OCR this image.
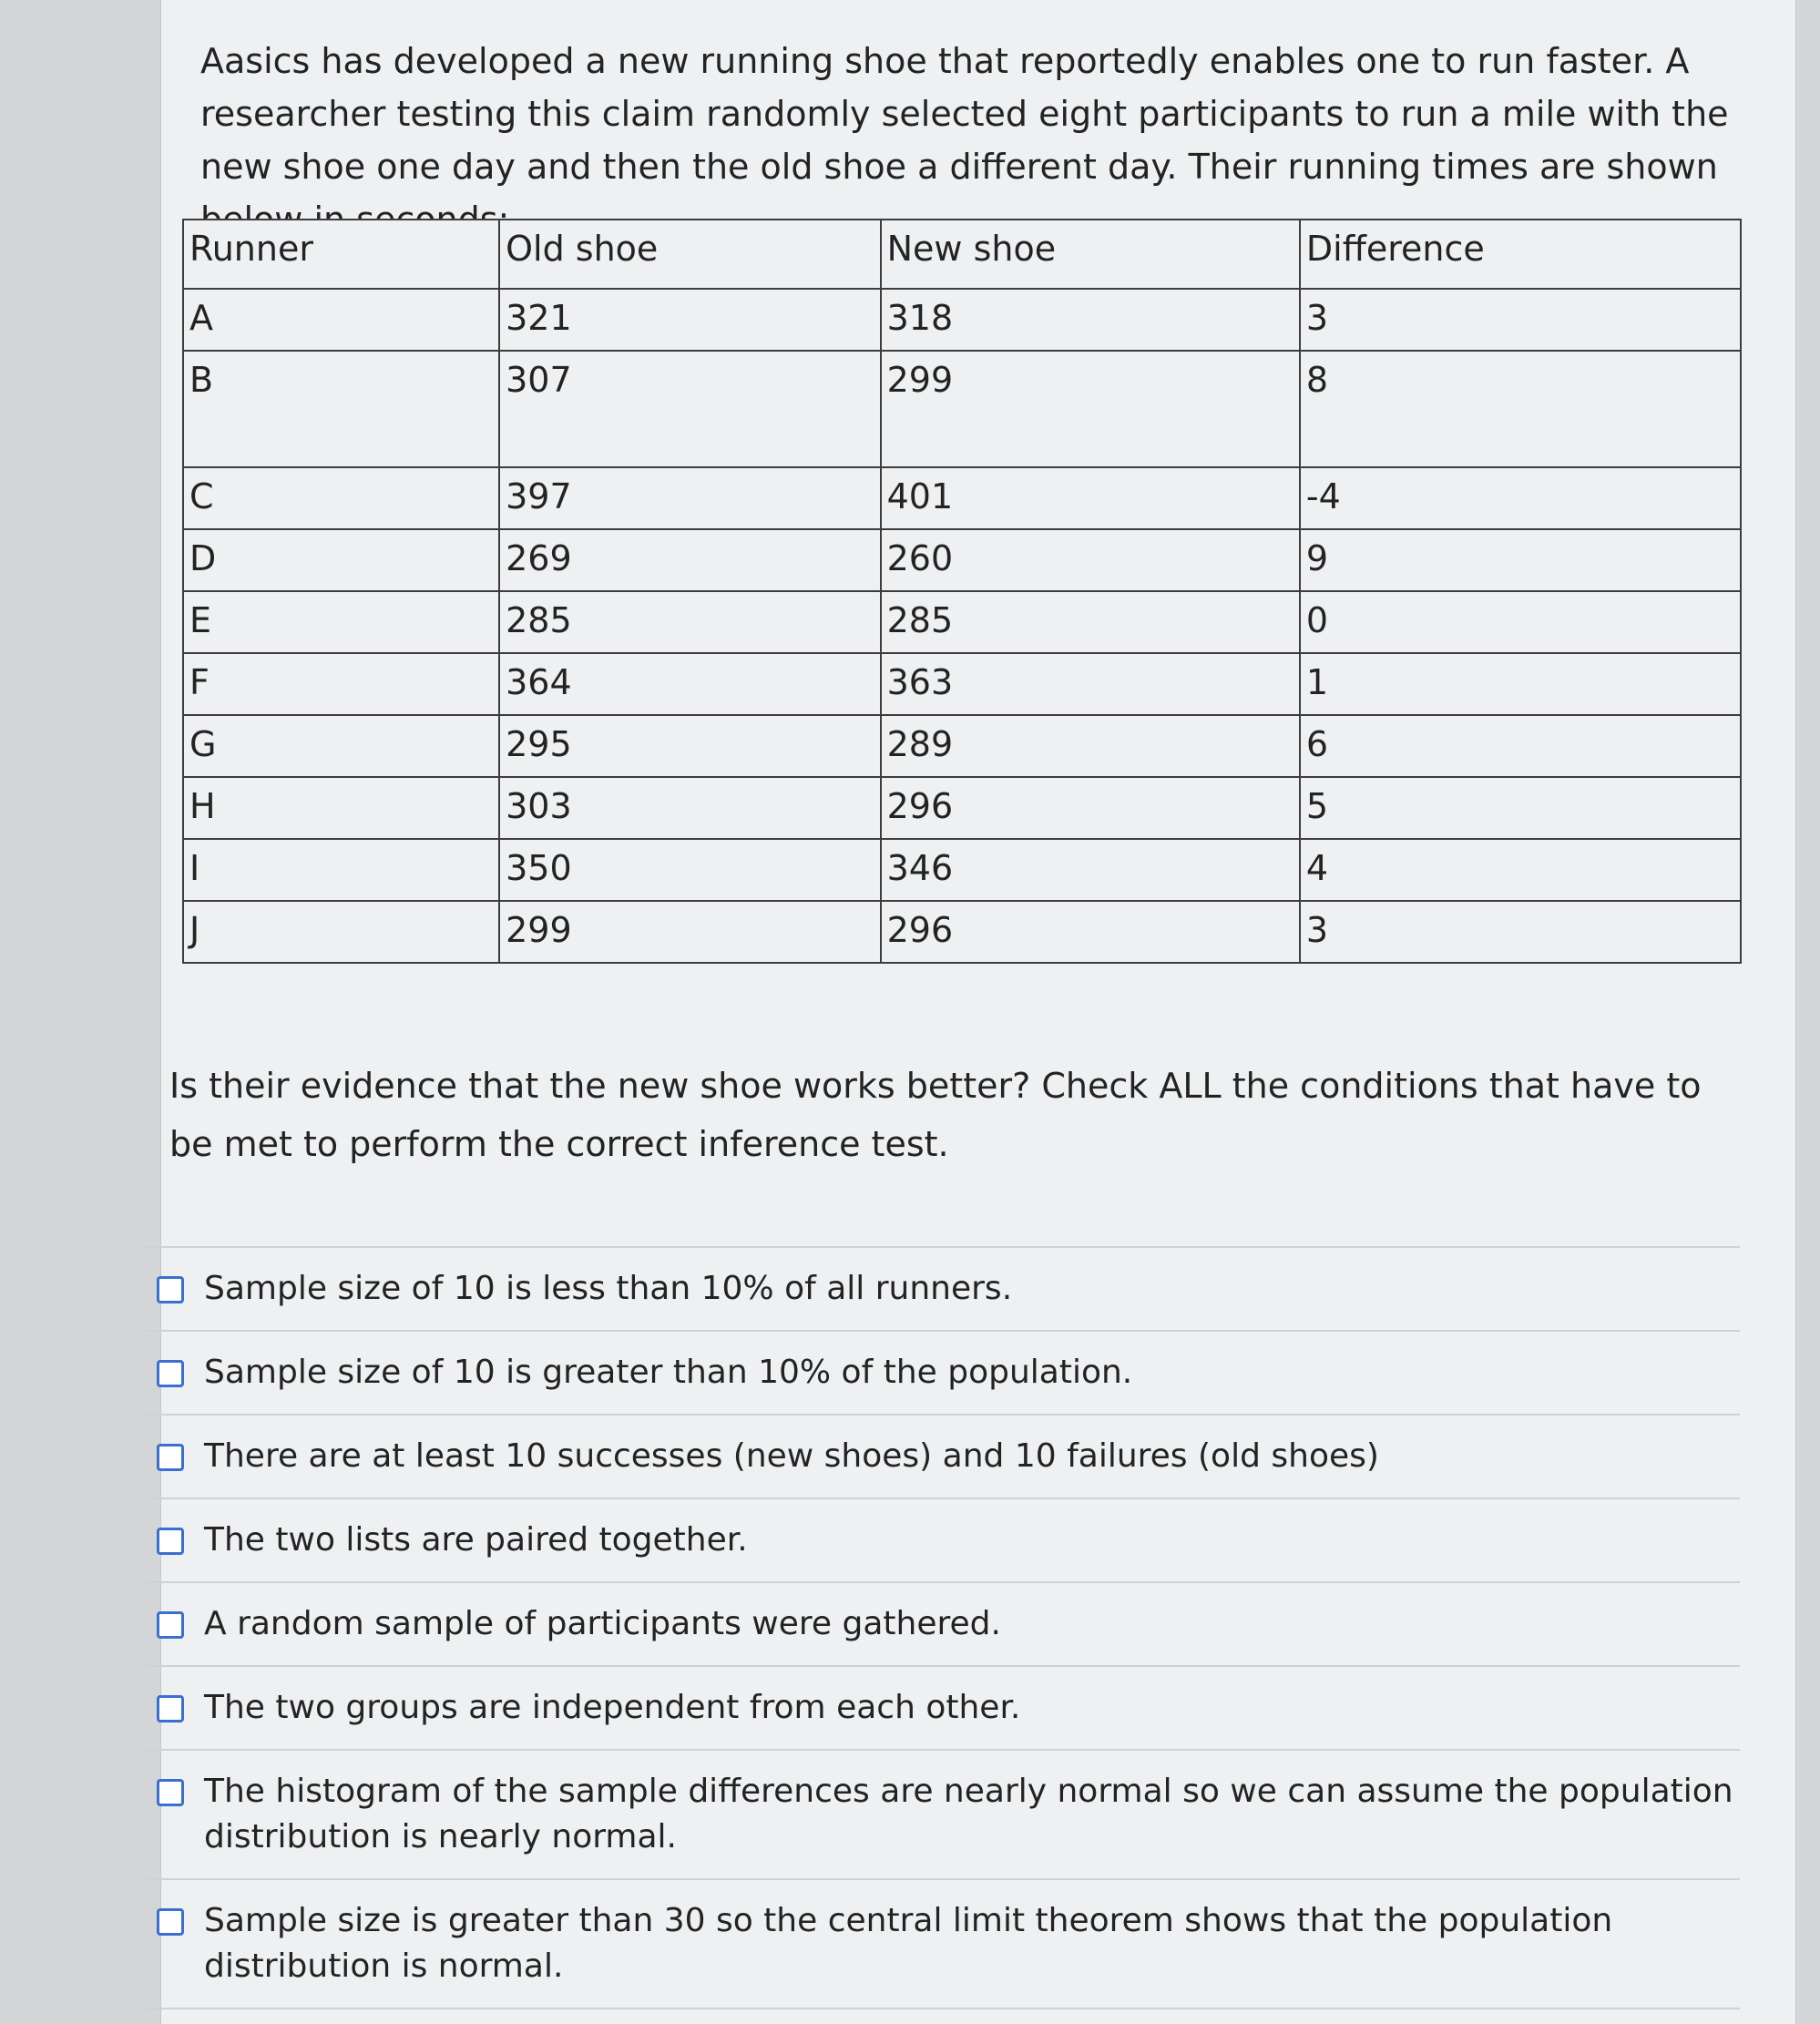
Aasics has developed a new running shoe that reportedly enables one to run faster. A researcher testing this claim randomly selected eight participants to run a mile with the new shoe one day and then the old shoe a different day. Their running times are shown

Runner	Old shoe	New shoe	Difference
A	321	318	3
B	307	299	8
C	397	401	-4
D	269	260	9
E	285	285	0
F	364	363	1
G	295	289	6
H	303	296	5
I	350	346	4
J	299	296	3

Is their evidence that the new shoe works better? Check ALL the conditions that have to be met to perform the correct inference test.

Sample size of 10 is less than 10% of all runners.
Sample size of 10 is greater than 10% of the population.
There are at least 10 successes (new shoes) and 10 failures (old shoes)
The two lists are paired together.
A random sample of participants were gathered.
The two groups are independent from each other.
The histogram of the sample differences are nearly normal so we can assume the population distribution is nearly normal.
Sample size is greater than 30 so the central limit theorem shows that the population distribution is normal.
